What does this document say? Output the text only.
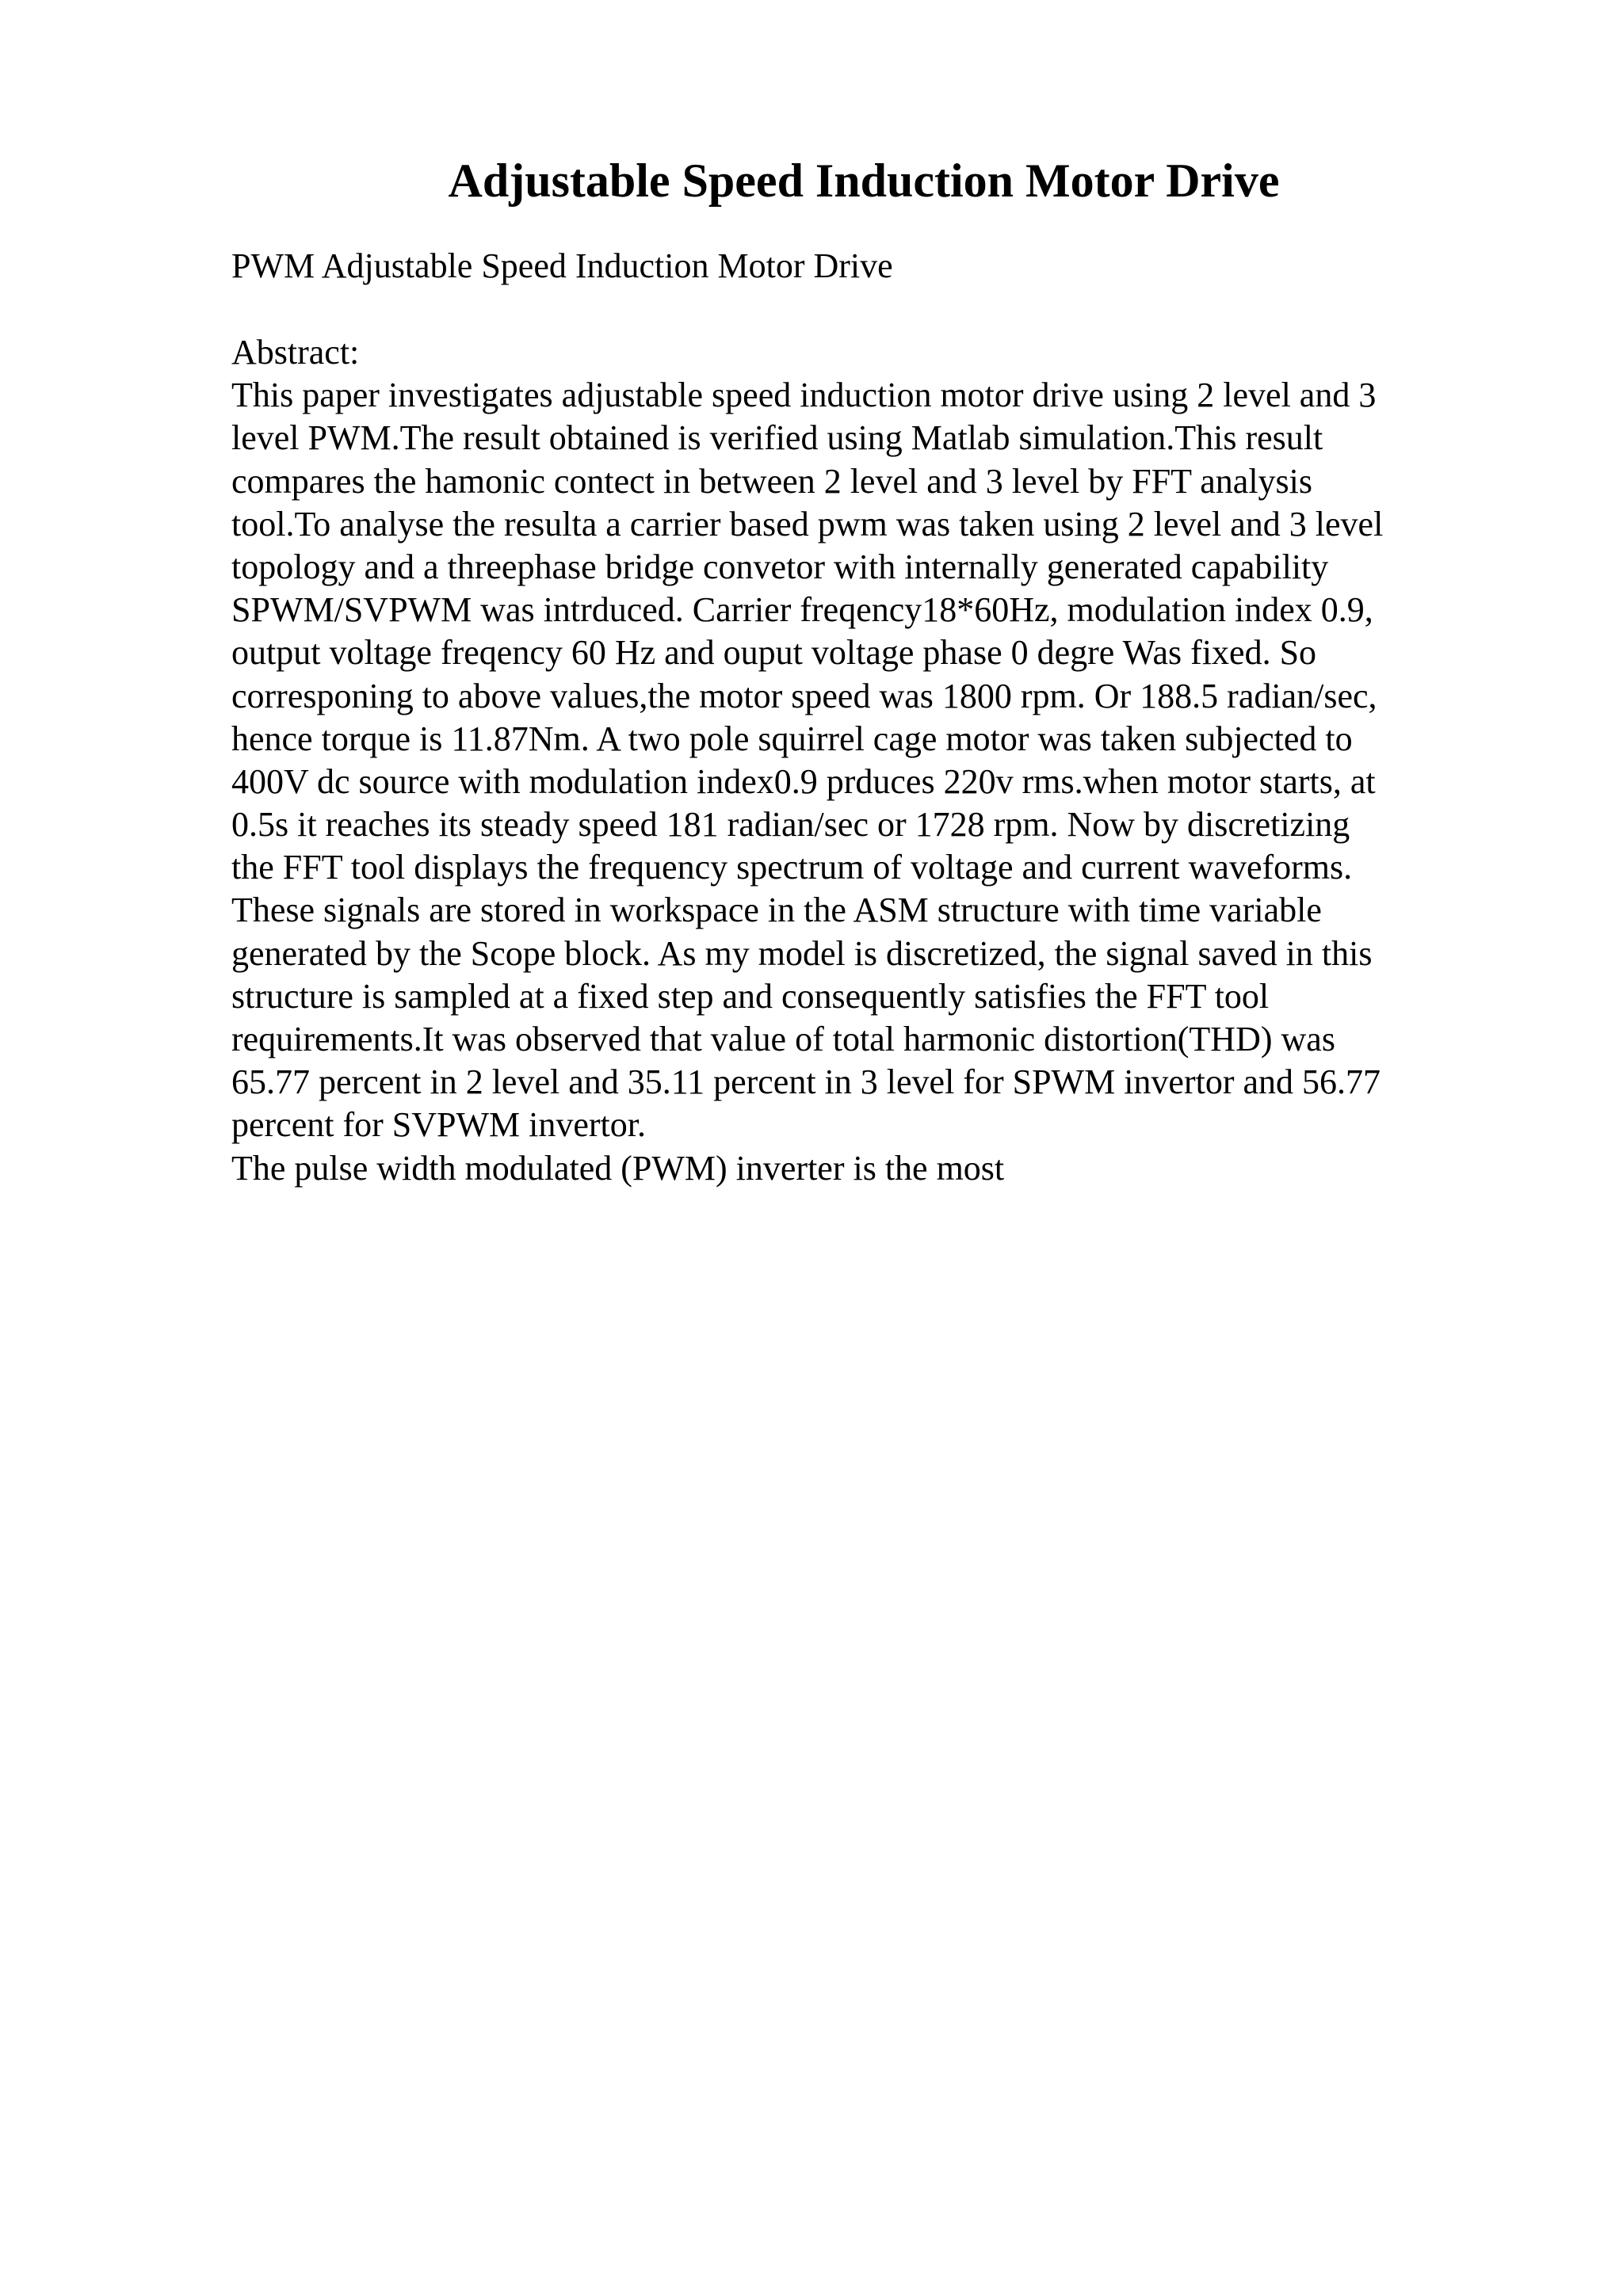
Adjustable Speed Induction Motor Drive

PWM Adjustable Speed Induction Motor Drive

Abstract:
This paper investigates adjustable speed induction motor drive using 2 level and 3
level PWM.The result obtained is verified using Matlab simulation.This result
compares the hamonic contect in between 2 level and 3 level by FFT analysis
tool.To analyse the resulta a carrier based pwm was taken using 2 level and 3 level
topology and a threephase bridge convetor with internally generated capability
SPWM/SVPWM was intrduced. Carrier freqency18*60Hz, modulation index 0.9,
output voltage freqency 60 Hz and ouput voltage phase 0 degre Was fixed. So
corresponing to above values,the motor speed was 1800 rpm. Or 188.5 radian/sec,
hence torque is 11.87Nm. A two pole squirrel cage motor was taken subjected to
400V dc source with modulation index0.9 prduces 220v rms.when motor starts, at
0.5s it reaches its steady speed 181 radian/sec or 1728 rpm. Now by discretizing
the FFT tool displays the frequency spectrum of voltage and current waveforms.
These signals are stored in workspace in the ASM structure with time variable
generated by the Scope block. As my model is discretized, the signal saved in this
structure is sampled at a fixed step and consequently satisfies the FFT tool
requirements.It was observed that value of total harmonic distortion(THD) was
65.77 percent in 2 level and 35.11 percent in 3 level for SPWM invertor and 56.77
percent for SVPWM invertor.
The pulse width modulated (PWM) inverter is the most
